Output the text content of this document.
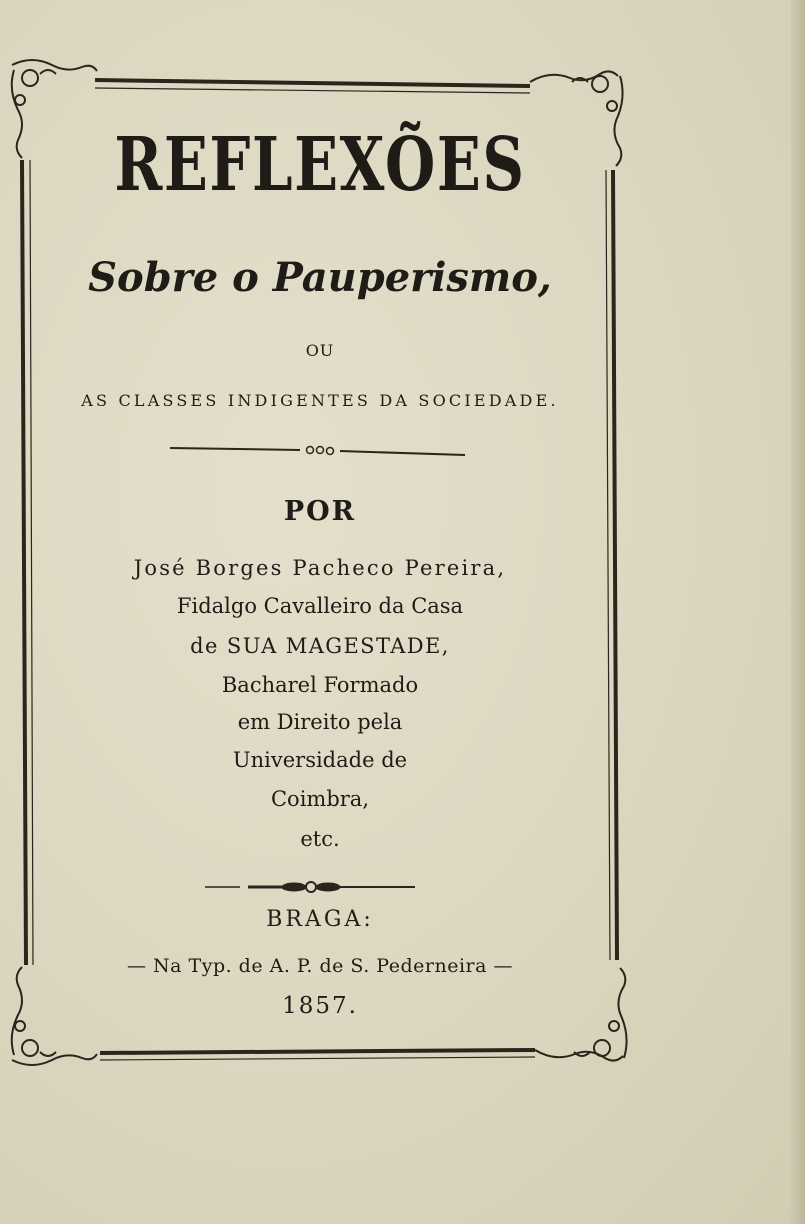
REFLEXÕES
Sobre o Pauperismo,
OU
AS CLASSES INDIGENTES DA SOCIEDADE.
POR
José Borges Pacheco Pereira,
Fidalgo Cavalleiro da Casa
de SUA MAGESTADE,
Bacharel Formado
em Direito pela
Universidade de
Coimbra,
etc.
BRAGA:
— Na Typ. de A. P. de S. Pederneira —
1857.
